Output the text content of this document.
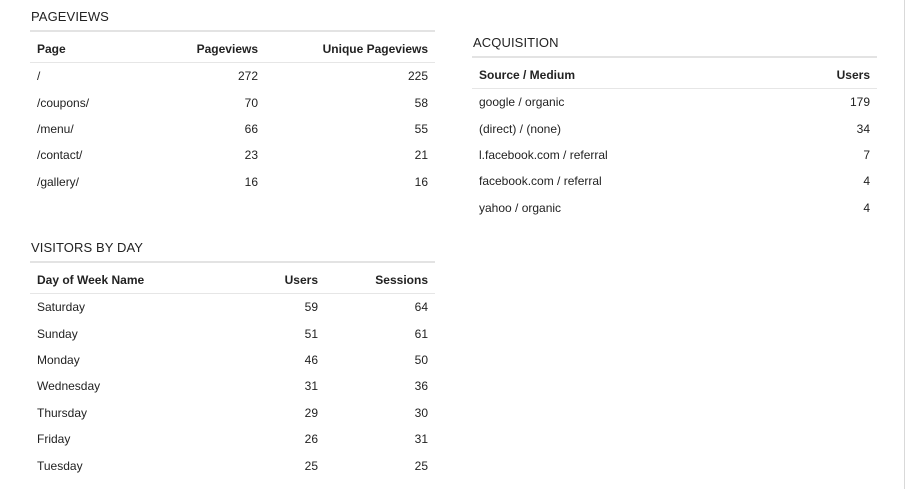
PAGEVIEWS
Page	Pageviews	Unique Pageviews
/	272	225
/coupons/	70	58
/menu/	66	55
/contact/	23	21
/gallery/	16	16
ACQUISITION
Source / Medium	Users
google / organic	179
(direct) / (none)	34
l.facebook.com / referral	7
facebook.com / referral	4
yahoo / organic	4
VISITORS BY DAY
Day of Week Name	Users	Sessions
Saturday	59	64
Sunday	51	61
Monday	46	50
Wednesday	31	36
Thursday	29	30
Friday	26	31
Tuesday	25	25
